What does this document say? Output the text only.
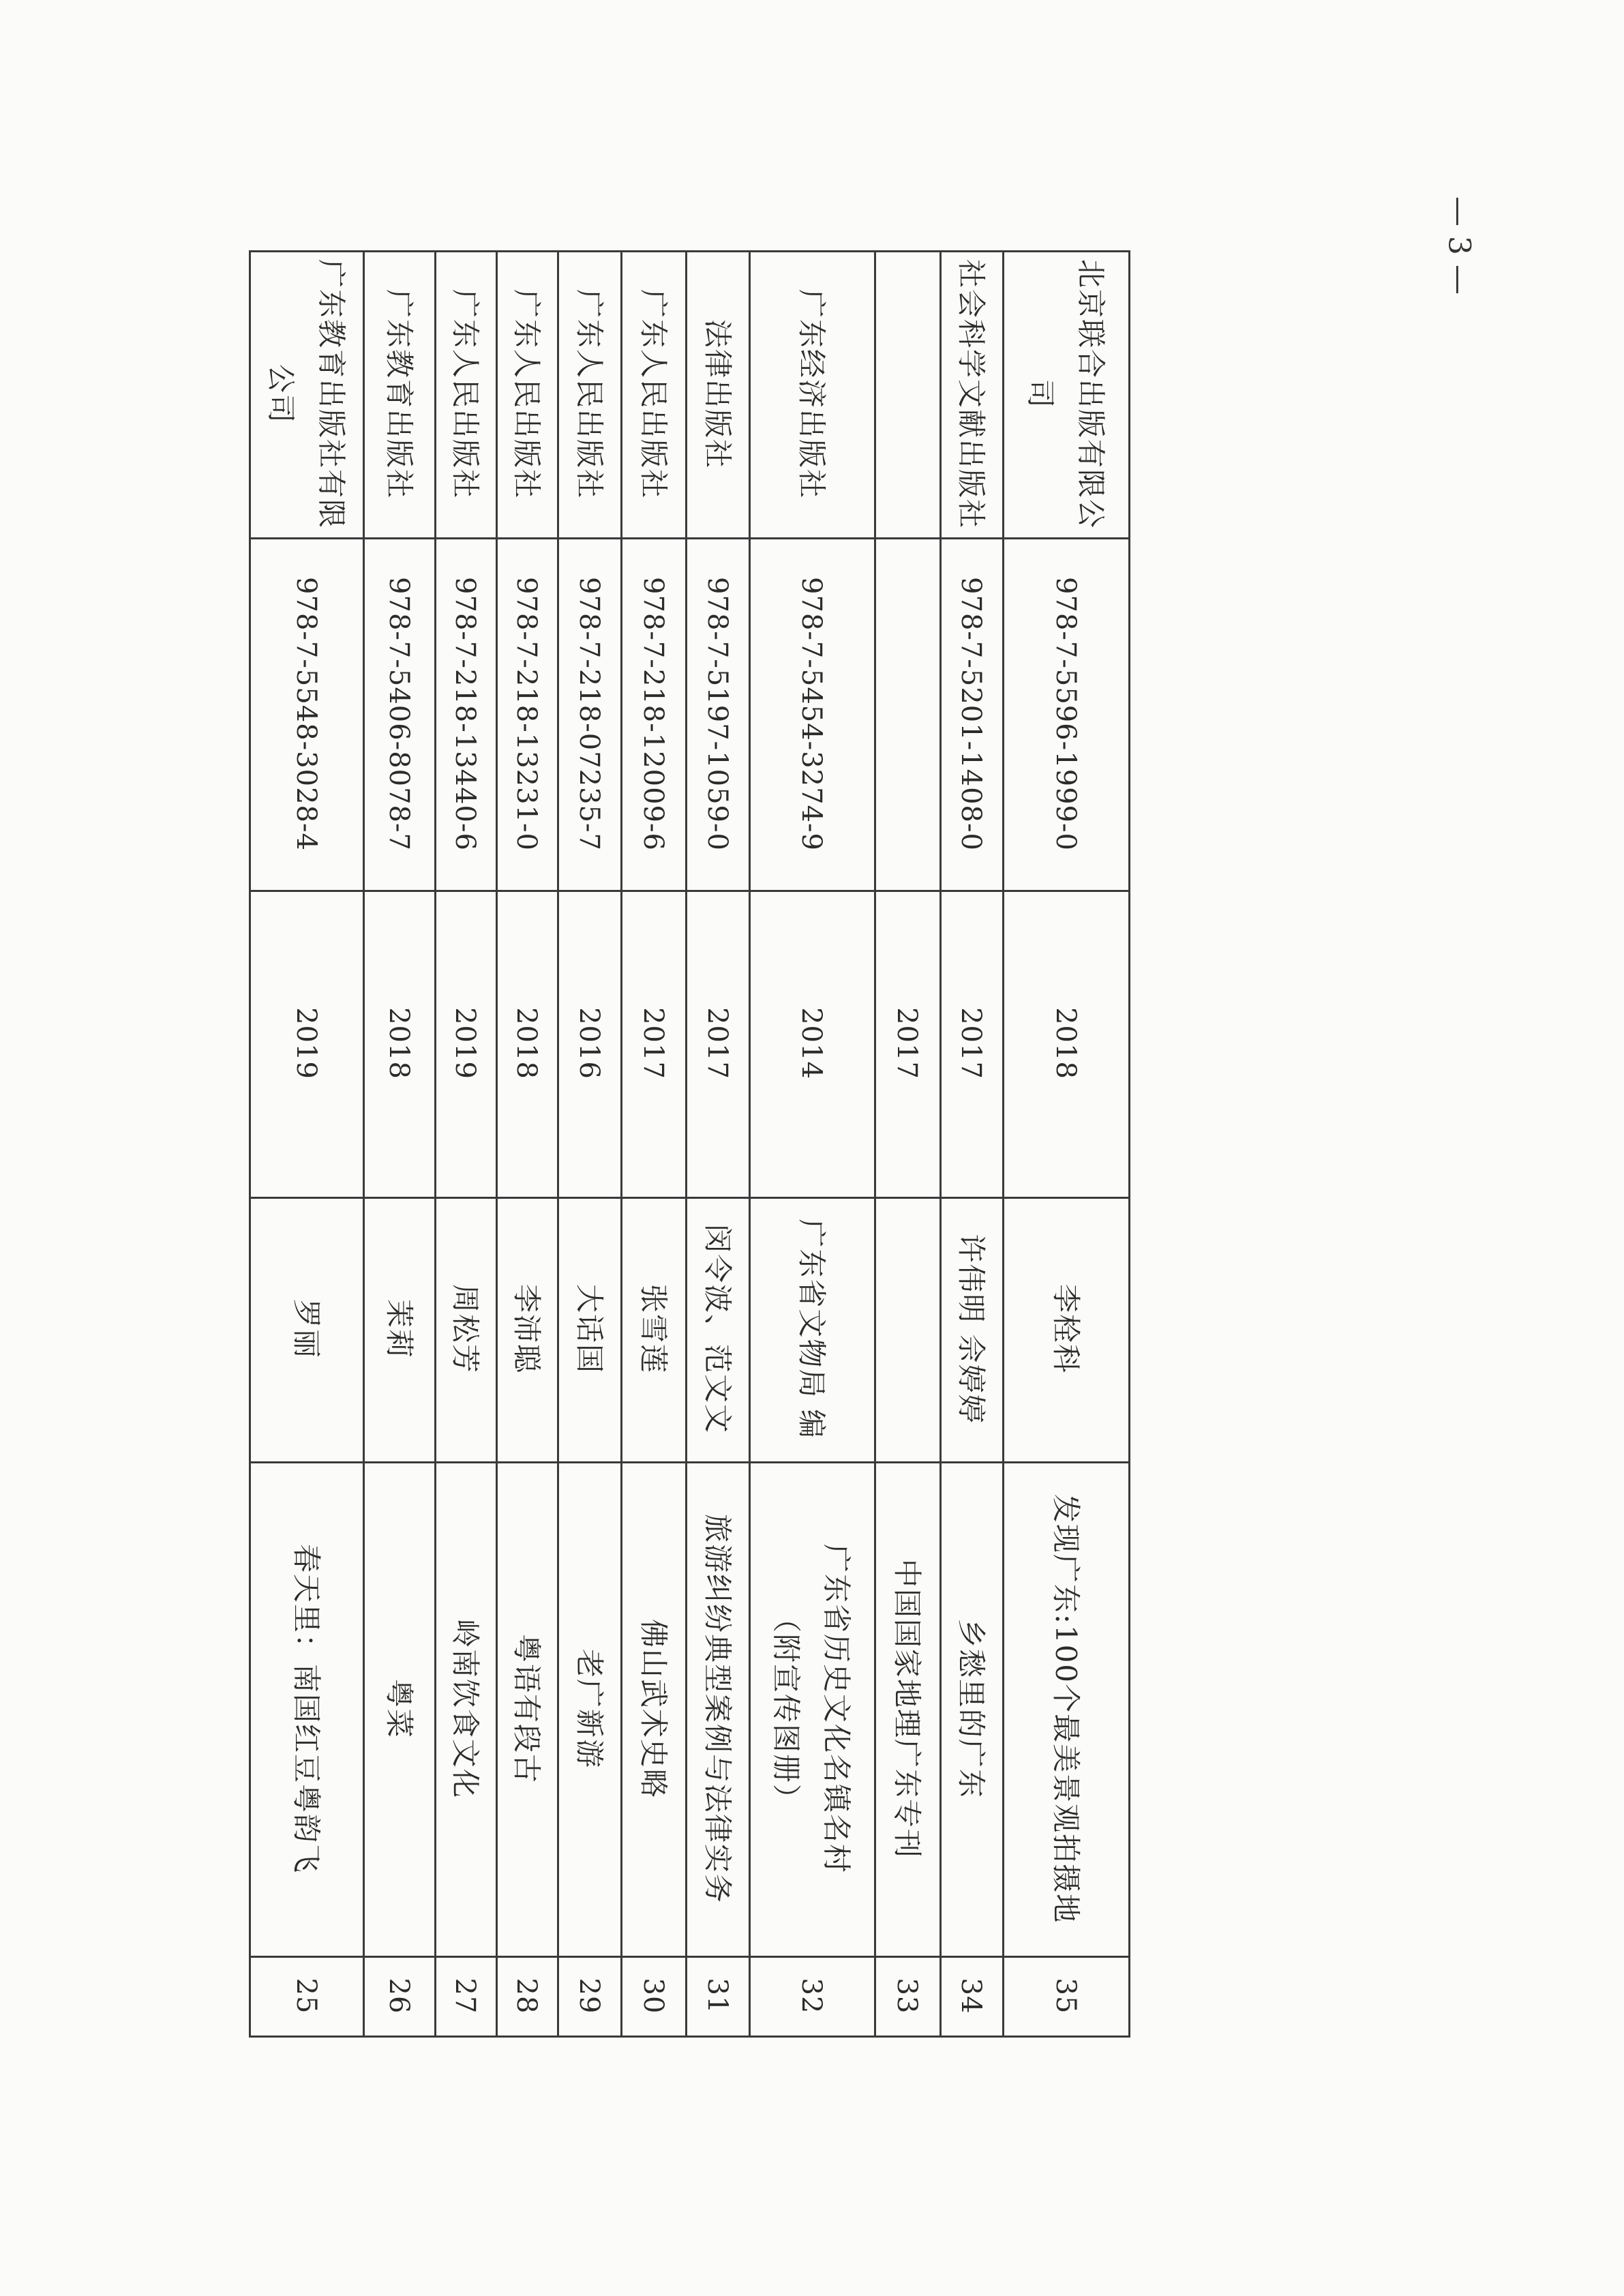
— 3 —
广东教育出版社有限
公司
978-7-5548-3028-4
2019
罗丽
春天里：南国红豆粤韵飞
25
广东教育出版社
978-7-5406-8078-7
2018
茉莉
粤菜
26
广东人民出版社
978-7-218-13440-6
2019
周松芳
岭南饮食文化
27
广东人民出版社
978-7-218-13231-0
2018
李沛聪
粤语有段古
28
广东人民出版社
978-7-218-07235-7
2016
大话国
老广新游
29
广东人民出版社
978-7-218-12009-6
2017
张雪莲
佛山武术史略
30
法律出版社
978-7-5197-1059-0
2017
闵令波、范文文
旅游纠纷典型案例与法律实务
31
广东经济出版社
978-7-5454-3274-9
2014
广东省文物局 编
广东省历史文化名镇名村
（附宣传图册）
32
2017
中国国家地理广东专刊
33
社会科学文献出版社
978-7-5201-1408-0
2017
许伟明 佘婷婷
乡愁里的广东
34
北京联合出版有限公
司
978-7-5596-1999-0
2018
李栓科
发现广东:100个最美景观拍摄地
35
